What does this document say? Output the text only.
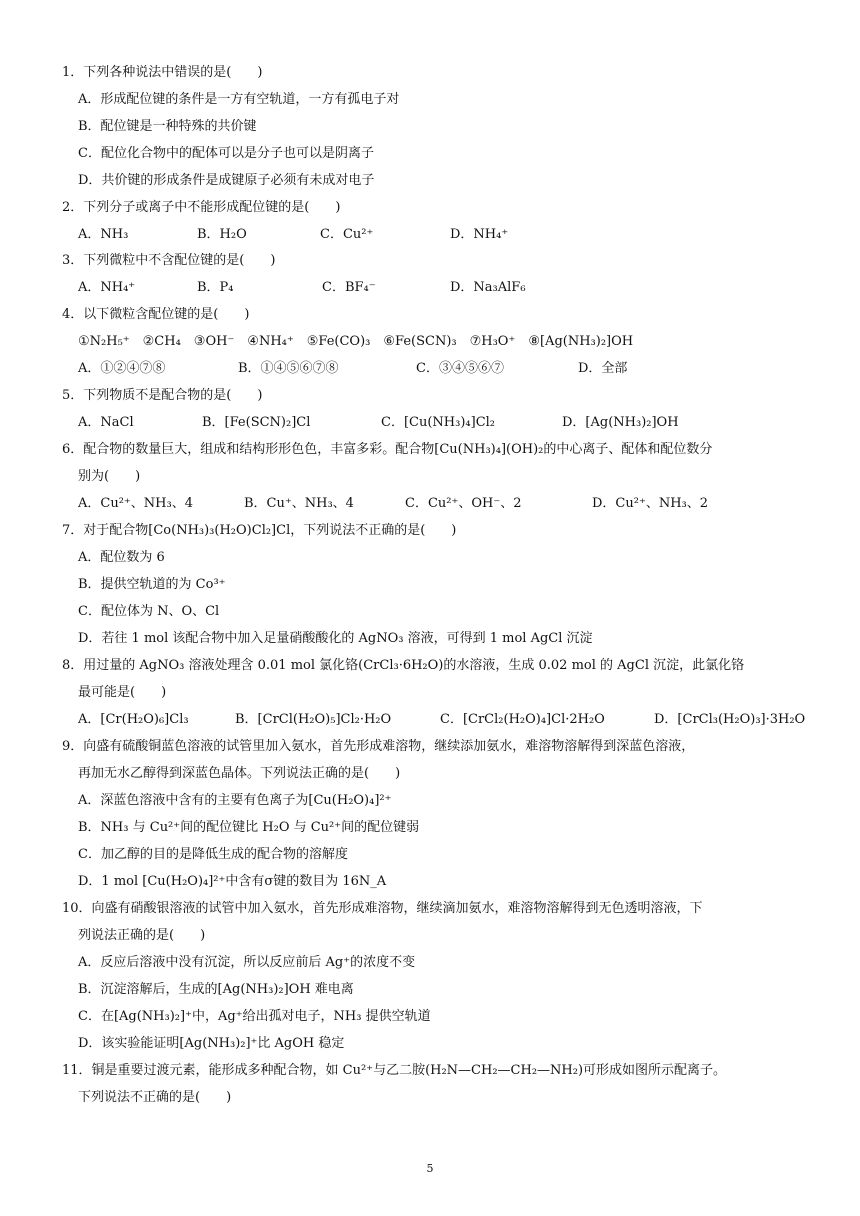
1．下列各种说法中错误的是(　　)
A．形成配位键的条件是一方有空轨道，一方有孤电子对
B．配位键是一种特殊的共价键
C．配位化合物中的配体可以是分子也可以是阴离子
D．共价键的形成条件是成键原子必须有未成对电子
2．下列分子或离子中不能形成配位键的是(　　)
A．NH₃	B．H₂O	C．Cu²⁺	D．NH₄⁺
3．下列微粒中不含配位键的是(　　)
A．NH₄⁺	B．P₄	C．BF₄⁻	D．Na₃AlF₆
4．以下微粒含配位键的是(　　)
①N₂H₅⁺　②CH₄　③OH⁻　④NH₄⁺　⑤Fe(CO)₃　⑥Fe(SCN)₃　⑦H₃O⁺　⑧[Ag(NH₃)₂]OH
A．①②④⑦⑧	B．①④⑤⑥⑦⑧	C．③④⑤⑥⑦	D．全部
5．下列物质不是配合物的是(　　)
A．NaCl	B．[Fe(SCN)₂]Cl	C．[Cu(NH₃)₄]Cl₂	D．[Ag(NH₃)₂]OH
6．配合物的数量巨大，组成和结构形形色色，丰富多彩。配合物[Cu(NH₃)₄](OH)₂的中心离子、配体和配位数分
别为(　　)
A．Cu²⁺、NH₃、4	B．Cu⁺、NH₃、4	C．Cu²⁺、OH⁻、2	D．Cu²⁺、NH₃、2
7．对于配合物[Co(NH₃)₃(H₂O)Cl₂]Cl，下列说法不正确的是(　　)
A．配位数为 6
B．提供空轨道的为 Co³⁺
C．配位体为 N、O、Cl
D．若往 1 mol 该配合物中加入足量硝酸酸化的 AgNO₃ 溶液，可得到 1 mol AgCl 沉淀
8．用过量的 AgNO₃ 溶液处理含 0.01 mol 氯化铬(CrCl₃·6H₂O)的水溶液，生成 0.02 mol 的 AgCl 沉淀，此氯化铬
最可能是(　　)
A．[Cr(H₂O)₆]Cl₃	B．[CrCl(H₂O)₅]Cl₂·H₂O	C．[CrCl₂(H₂O)₄]Cl·2H₂O	D．[CrCl₃(H₂O)₃]·3H₂O
9．向盛有硫酸铜蓝色溶液的试管里加入氨水，首先形成难溶物，继续添加氨水，难溶物溶解得到深蓝色溶液，
再加无水乙醇得到深蓝色晶体。下列说法正确的是(　　)
A．深蓝色溶液中含有的主要有色离子为[Cu(H₂O)₄]²⁺
B．NH₃ 与 Cu²⁺间的配位键比 H₂O 与 Cu²⁺间的配位键弱
C．加乙醇的目的是降低生成的配合物的溶解度
D．1 mol [Cu(H₂O)₄]²⁺中含有σ键的数目为 16N_A
10．向盛有硝酸银溶液的试管中加入氨水，首先形成难溶物，继续滴加氨水，难溶物溶解得到无色透明溶液，下
列说法正确的是(　　)
A．反应后溶液中没有沉淀，所以反应前后 Ag⁺的浓度不变
B．沉淀溶解后，生成的[Ag(NH₃)₂]OH 难电离
C．在[Ag(NH₃)₂]⁺中，Ag⁺给出孤对电子，NH₃ 提供空轨道
D．该实验能证明[Ag(NH₃)₂]⁺比 AgOH 稳定
11．铜是重要过渡元素，能形成多种配合物，如 Cu²⁺与乙二胺(H₂N—CH₂—CH₂—NH₂)可形成如图所示配离子。
下列说法不正确的是(　　)
5
